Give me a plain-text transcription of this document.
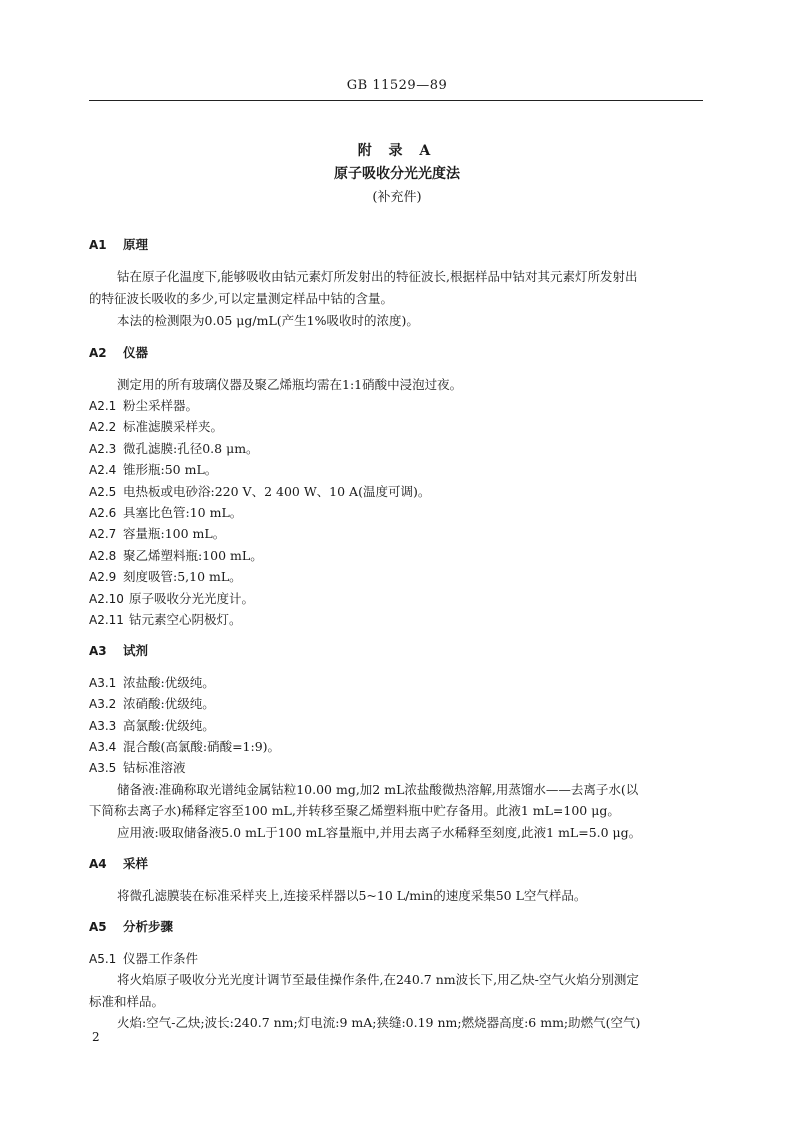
GB 11529—89
附 录 A
原子吸收分光光度法
(补充件)
A1 原理
钴在原子化温度下,能够吸收由钴元素灯所发射出的特征波长,根据样品中钴对其元素灯所发射出
的特征波长吸收的多少,可以定量测定样品中钴的含量。
本法的检测限为0.05 μg/mL(产生1%吸收时的浓度)。
A2 仪器
测定用的所有玻璃仪器及聚乙烯瓶均需在1:1硝酸中浸泡过夜。
A2.1 粉尘采样器。
A2.2 标准滤膜采样夹。
A2.3 微孔滤膜:孔径0.8 μm。
A2.4 锥形瓶:50 mL。
A2.5 电热板或电砂浴:220 V、2 400 W、10 A(温度可调)。
A2.6 具塞比色管:10 mL。
A2.7 容量瓶:100 mL。
A2.8 聚乙烯塑料瓶:100 mL。
A2.9 刻度吸管:5,10 mL。
A2.10 原子吸收分光光度计。
A2.11 钴元素空心阴极灯。
A3 试剂
A3.1 浓盐酸:优级纯。
A3.2 浓硝酸:优级纯。
A3.3 高氯酸:优级纯。
A3.4 混合酸(高氯酸:硝酸=1:9)。
A3.5 钴标准溶液
储备液:准确称取光谱纯金属钴粒10.00 mg,加2 mL浓盐酸微热溶解,用蒸馏水——去离子水(以
下简称去离子水)稀释定容至100 mL,并转移至聚乙烯塑料瓶中贮存备用。此液1 mL=100 μg。
应用液:吸取储备液5.0 mL于100 mL容量瓶中,并用去离子水稀释至刻度,此液1 mL=5.0 μg。
A4 采样
将微孔滤膜装在标准采样夹上,连接采样器以5~10 L/min的速度采集50 L空气样品。
A5 分析步骤
A5.1 仪器工作条件
将火焰原子吸收分光光度计调节至最佳操作条件,在240.7 nm波长下,用乙炔-空气火焰分别测定
标准和样品。
火焰:空气-乙炔;波长:240.7 nm;灯电流:9 mA;狭缝:0.19 nm;燃烧器高度:6 mm;助燃气(空气)
2
